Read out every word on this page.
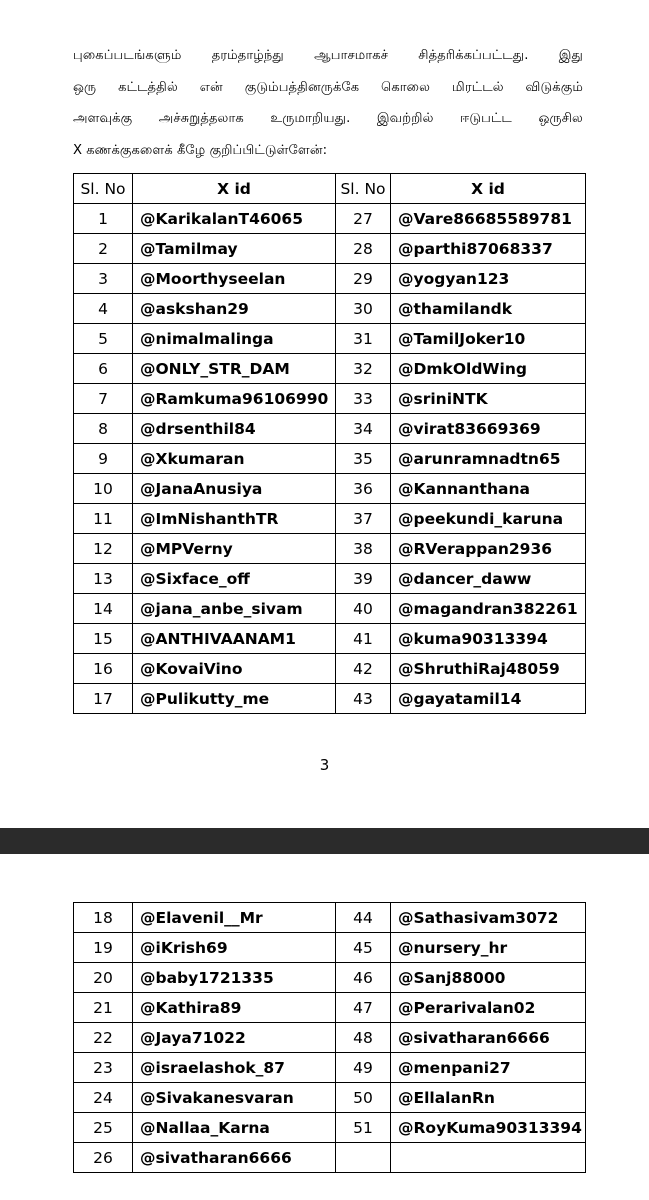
புகைப்படங்களும் தரம்தாழ்ந்து ஆபாசமாகச் சித்தரிக்கப்பட்டது. இது
ஒரு கட்டத்தில் என் குடும்பத்தினருக்கே கொலை மிரட்டல் விடுக்கும்
அளவுக்கு அச்சுறுத்தலாக உருமாறியது. இவற்றில் ஈடுபட்ட ஒருசில
X கணக்குகளைக் கீழே குறிப்பிட்டுள்ளேன்:
Sl. No	X id	Sl. No	X id
1	@KarikalanT46065	27	@Vare86685589781
2	@Tamilmay	28	@parthi87068337
3	@Moorthyseelan	29	@yogyan123
4	@askshan29	30	@thamilandk
5	@nimalmalinga	31	@TamilJoker10
6	@ONLY_STR_DAM	32	@DmkOldWing
7	@Ramkuma96106990	33	@sriniNTK
8	@drsenthil84	34	@virat83669369
9	@Xkumaran	35	@arunramnadtn65
10	@JanaAnusiya	36	@Kannanthana
11	@ImNishanthTR	37	@peekundi_karuna
12	@MPVerny	38	@RVerappan2936
13	@Sixface_off	39	@dancer_daww
14	@jana_anbe_sivam	40	@magandran382261
15	@ANTHIVAANAM1	41	@kuma90313394
16	@KovaiVino	42	@ShruthiRaj48059
17	@Pulikutty_me	43	@gayatamil14
3
18	@Elavenil__Mr	44	@Sathasivam3072
19	@iKrish69	45	@nursery_hr
20	@baby1721335	46	@Sanj88000
21	@Kathira89	47	@Perarivalan02
22	@Jaya71022	48	@sivatharan6666
23	@israelashok_87	49	@menpani27
24	@Sivakanesvaran	50	@EllalanRn
25	@Nallaa_Karna	51	@RoyKuma90313394
26	@sivatharan6666		
